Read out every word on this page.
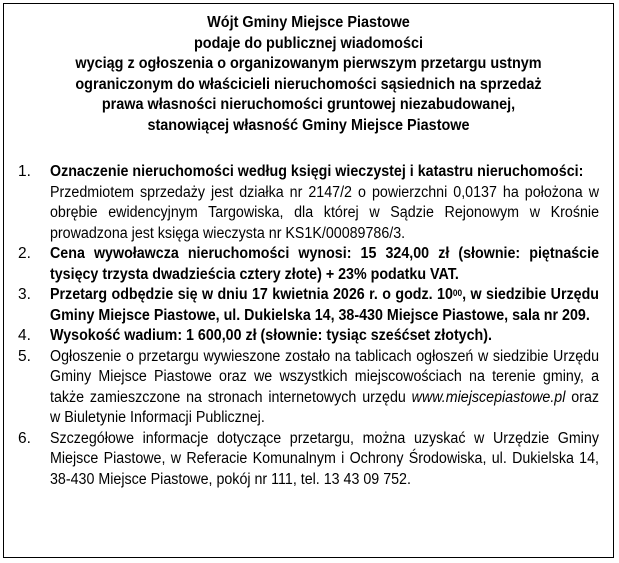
Wójt Gminy Miejsce Piastowe
podaje do publicznej wiadomości
wyciąg z ogłoszenia o organizowanym pierwszym przetargu ustnym
ograniczonym do właścicieli nieruchomości sąsiednich na sprzedaż
prawa własności nieruchomości gruntowej niezabudowanej,
stanowiącej własność Gminy Miejsce Piastowe
1. Oznaczenie nieruchomości według księgi wieczystej i katastru nieruchomości:
Przedmiotem sprzedaży jest działka nr 2147/2 o powierzchni 0,0137 ha położona w obrębie ewidencyjnym Targowiska, dla której w Sądzie Rejonowym w Krośnie prowadzona jest księga wieczysta nr KS1K/00089786/3.
2. Cena wywoławcza nieruchomości wynosi: 15 324,00 zł (słownie: piętnaście tysięcy trzysta dwadzieścia cztery złote) + 23% podatku VAT.
3. Przetarg odbędzie się w dniu 17 kwietnia 2026 r. o godz. $10^{00}$, w siedzibie Urzędu Gminy Miejsce Piastowe, ul. Dukielska 14, 38-430 Miejsce Piastowe, sala nr 209.
4. Wysokość wadium: 1 600,00 zł (słownie: tysiąc sześćset złotych).
5. Ogłoszenie o przetargu wywieszone zostało na tablicach ogłoszeń w siedzibie Urzędu Gminy Miejsce Piastowe oraz we wszystkich miejscowościach na terenie gminy, a także zamieszczone na stronach internetowych urzędu www.miejscepiastowe.pl oraz w Biuletynie Informacji Publicznej.
6. Szczegółowe informacje dotyczące przetargu, można uzyskać w Urzędzie Gminy Miejsce Piastowe, w Referacie Komunalnym i Ochrony Środowiska, ul. Dukielska 14, 38-430 Miejsce Piastowe, pokój nr 111, tel. 13 43 09 752.
